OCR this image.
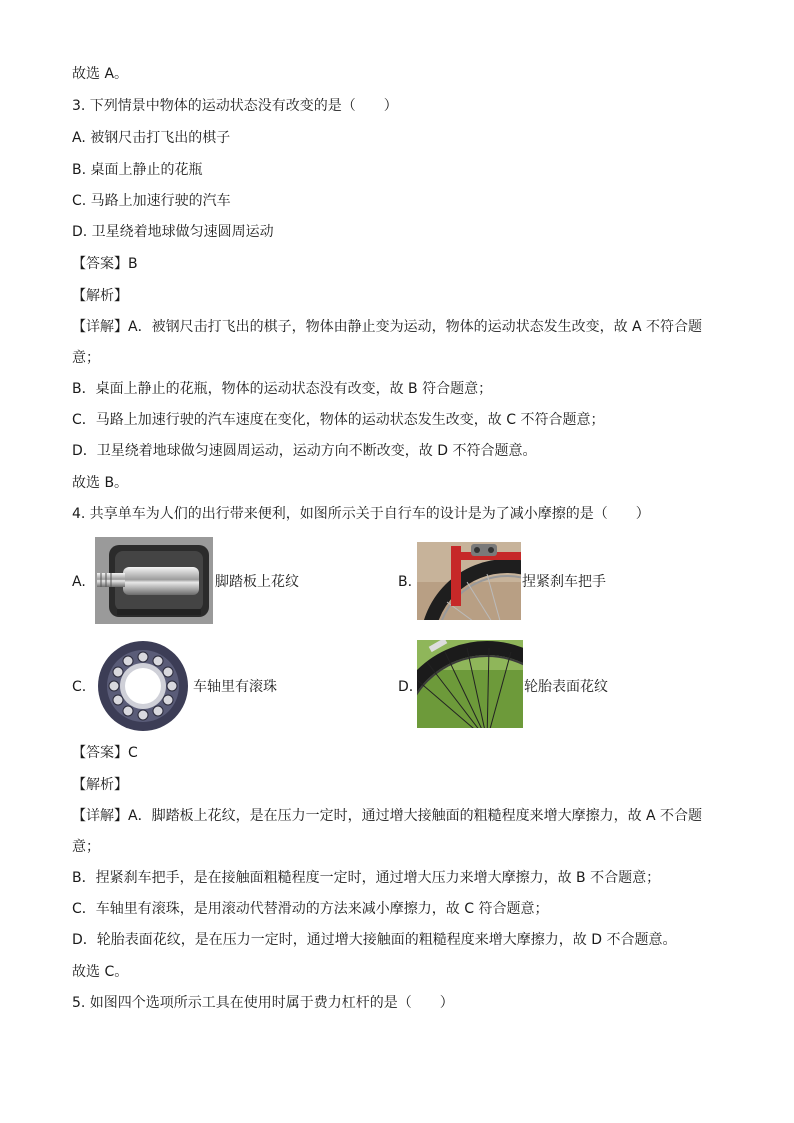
故选 A。
3. 下列情景中物体的运动状态没有改变的是（　　）
A. 被钢尺击打飞出的棋子
B. 桌面上静止的花瓶
C. 马路上加速行驶的汽车
D. 卫星绕着地球做匀速圆周运动
【答案】B
【解析】
【详解】A．被钢尺击打飞出的棋子，物体由静止变为运动，物体的运动状态发生改变，故 A 不符合题
意；
B．桌面上静止的花瓶，物体的运动状态没有改变，故 B 符合题意；
C．马路上加速行驶的汽车速度在变化，物体的运动状态发生改变，故 C 不符合题意；
D．卫星绕着地球做匀速圆周运动，运动方向不断改变，故 D 不符合题意。
故选 B。
4. 共享单车为人们的出行带来便利，如图所示关于自行车的设计是为了减小摩擦的是（　　）
A.	脚踏板上花纹	B.	捏紧刹车把手
C.	车轴里有滚珠	D.	轮胎表面花纹
【答案】C
【解析】
【详解】A．脚踏板上花纹，是在压力一定时，通过增大接触面的粗糙程度来增大摩擦力，故 A 不合题
意；
B．捏紧刹车把手，是在接触面粗糙程度一定时，通过增大压力来增大摩擦力，故 B 不合题意；
C．车轴里有滚珠，是用滚动代替滑动的方法来减小摩擦力，故 C 符合题意；
D．轮胎表面花纹，是在压力一定时，通过增大接触面的粗糙程度来增大摩擦力，故 D 不合题意。
故选 C。
5. 如图四个选项所示工具在使用时属于费力杠杆的是（　　）
